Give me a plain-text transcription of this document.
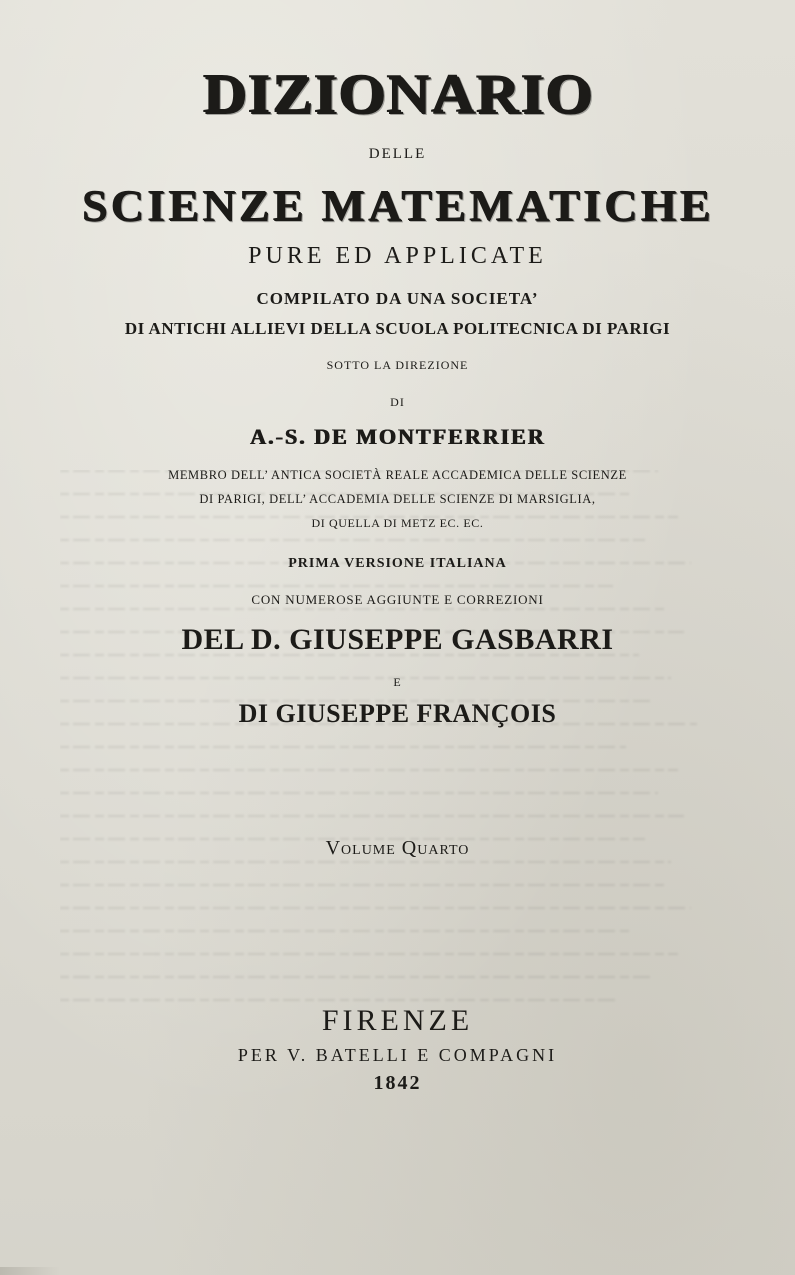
DIZIONARIO
DELLE
SCIENZE MATEMATICHE
PURE ED APPLICATE
COMPILATO DA UNA SOCIETA’
DI ANTICHI ALLIEVI DELLA SCUOLA POLITECNICA DI PARIGI
SOTTO LA DIREZIONE
DI
A.-S. DE MONTFERRIER
MEMBRO DELL’ ANTICA SOCIETÀ REALE ACCADEMICA DELLE SCIENZE
DI PARIGI, DELL’ ACCADEMIA DELLE SCIENZE DI MARSIGLIA,
DI QUELLA DI METZ EC. EC.
PRIMA VERSIONE ITALIANA
CON NUMEROSE AGGIUNTE E CORREZIONI
DEL D. GIUSEPPE GASBARRI
E
DI GIUSEPPE FRANÇOIS
Volume Quarto
FIRENZE
PER V. BATELLI E COMPAGNI
1842
